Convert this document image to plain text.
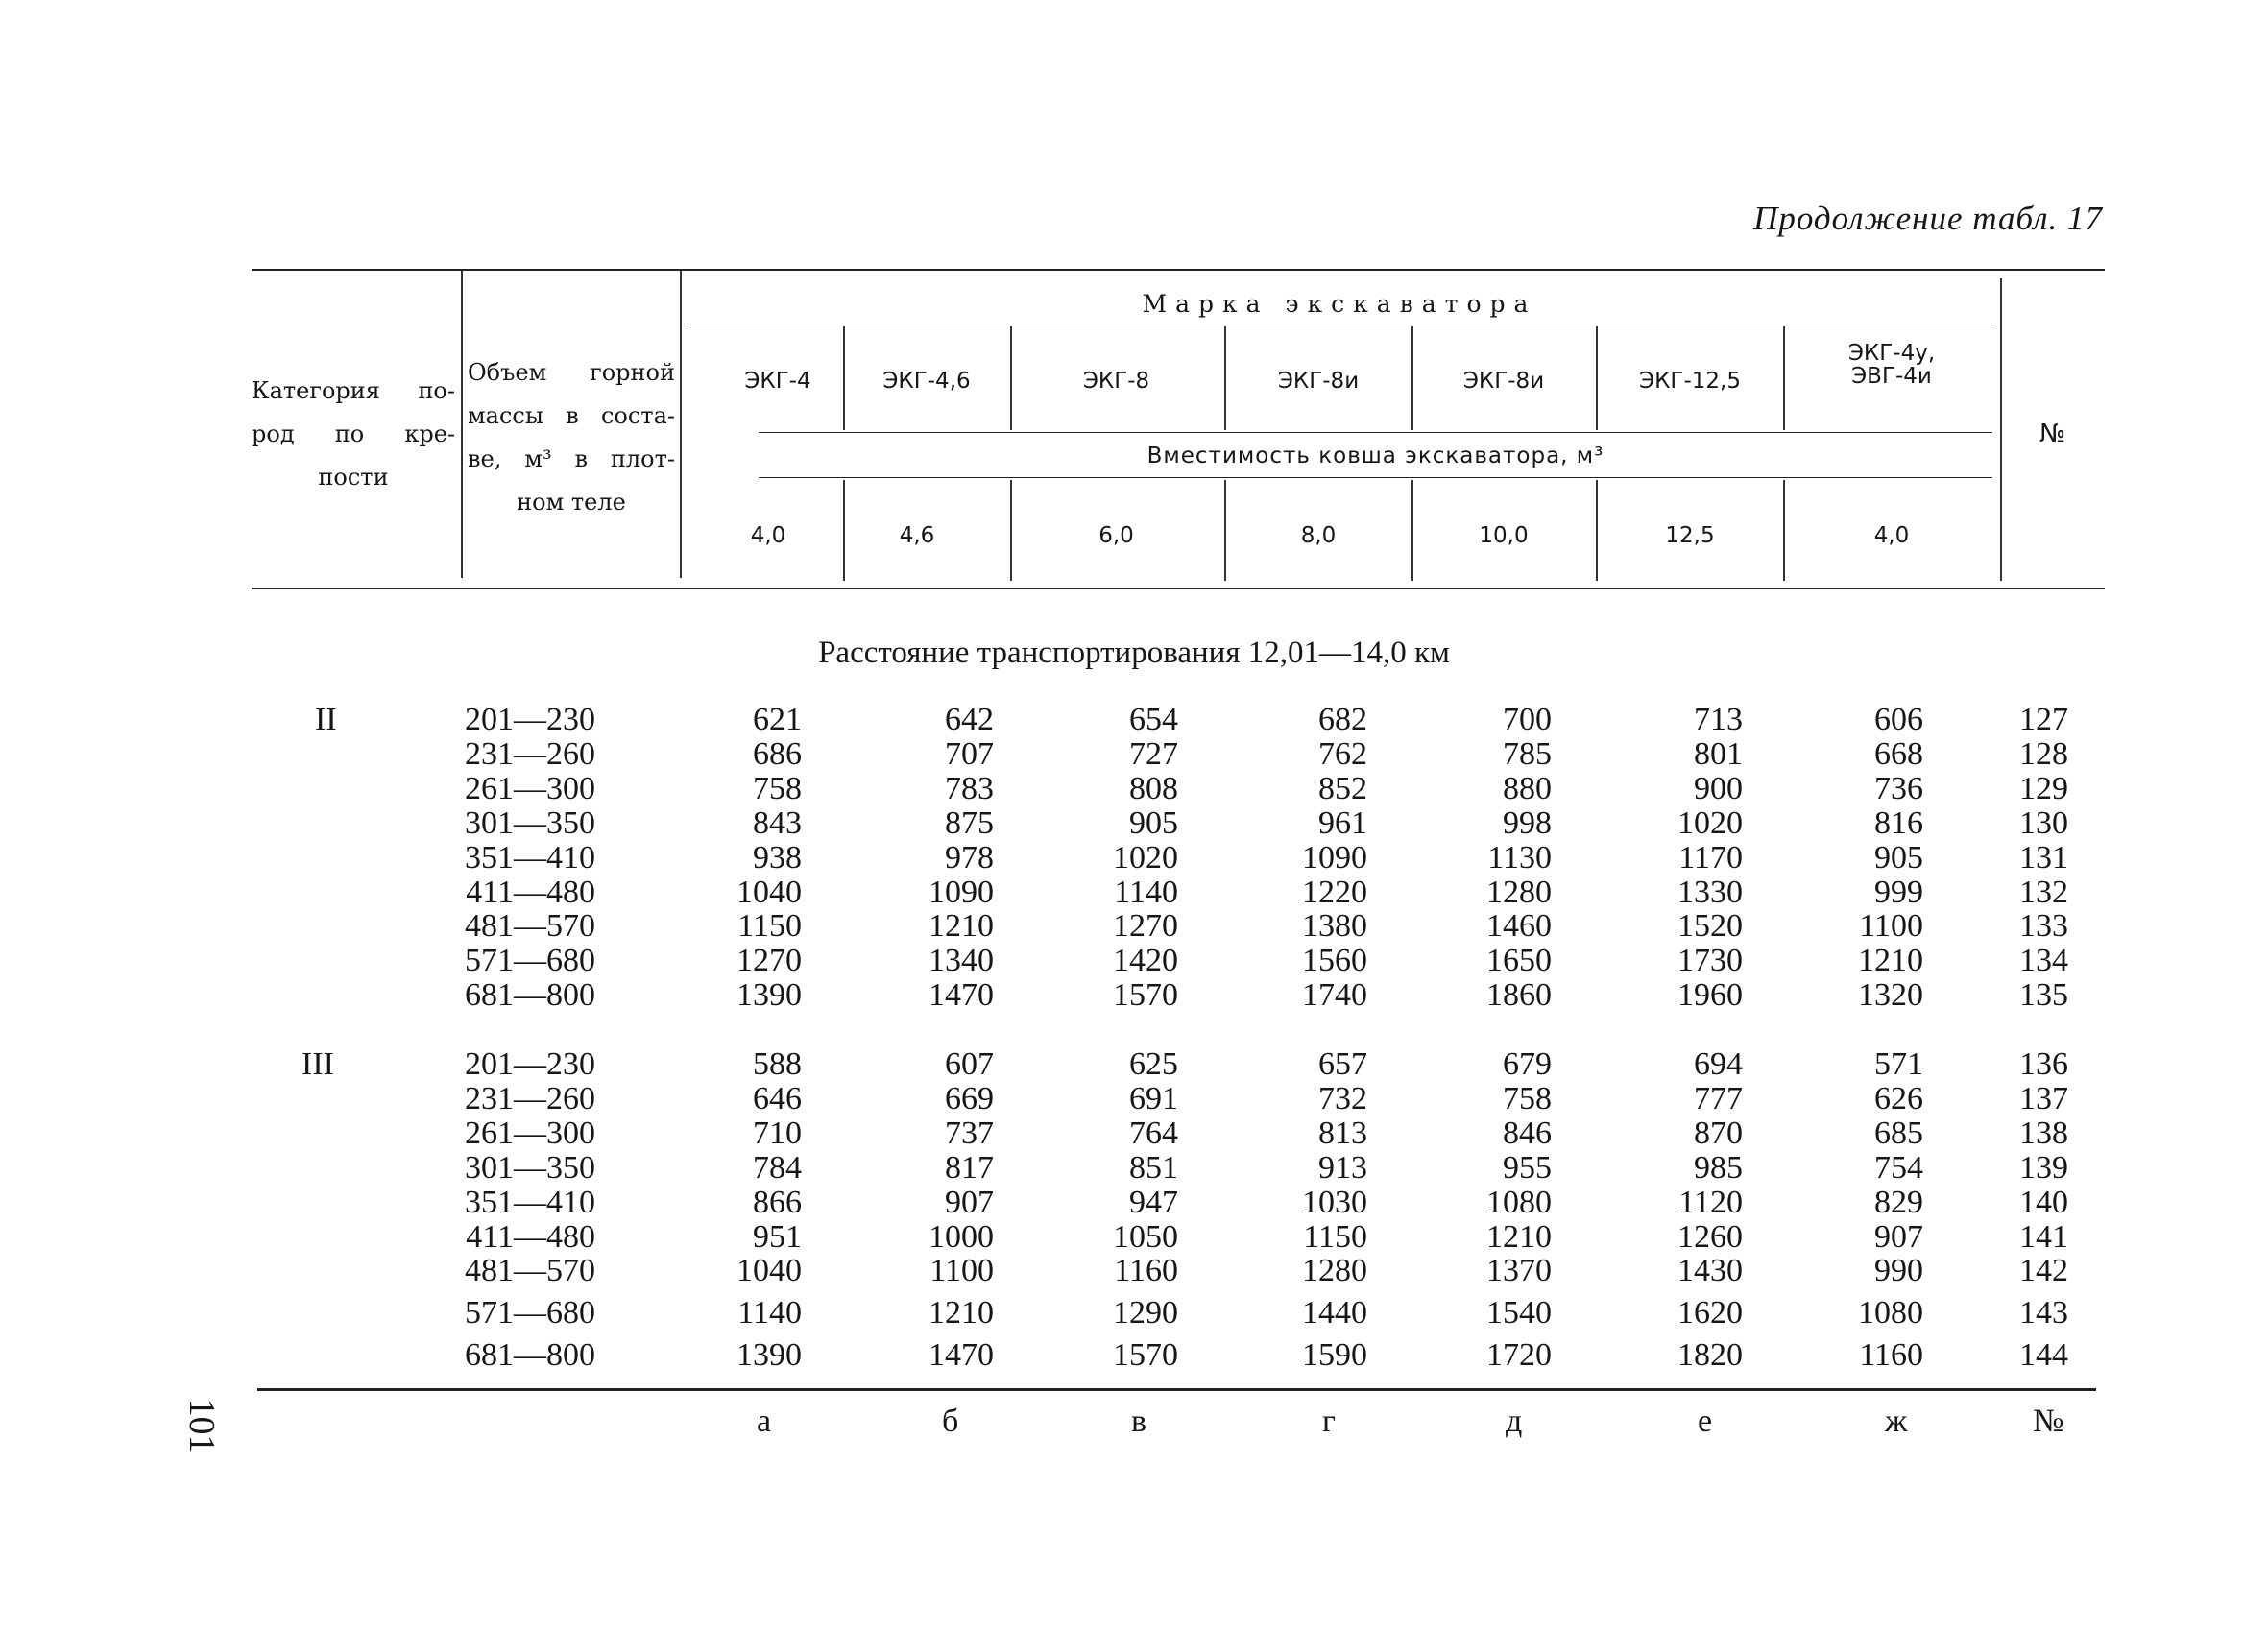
Продолжение табл. 17
101
Категория по-
род по кре-
пости
Объем горной
массы в соста-
ве, м³ в плот-
ном теле
Марка экскаватора
ЭКГ-4	ЭКГ-4,6	ЭКГ-8	ЭКГ-8и	ЭКГ-8и	ЭКГ-12,5
ЭКГ-4у,
ЭВГ-4и
Вместимость ковша экскаватора, м³
4,0	4,6	6,0	8,0	10,0	12,5	4,0
№
Расстояние транспортирования 12,01—14,0 км
II	201—230	621	642	654	682	700	713	606	127
231—260	686	707	727	762	785	801	668	128
261—300	758	783	808	852	880	900	736	129
301—350	843	875	905	961	998	1020	816	130
351—410	938	978	1020	1090	1130	1170	905	131
411—480	1040	1090	1140	1220	1280	1330	999	132
481—570	1150	1210	1270	1380	1460	1520	1100	133
571—680	1270	1340	1420	1560	1650	1730	1210	134
681—800	1390	1470	1570	1740	1860	1960	1320	135
III	201—230	588	607	625	657	679	694	571	136
231—260	646	669	691	732	758	777	626	137
261—300	710	737	764	813	846	870	685	138
301—350	784	817	851	913	955	985	754	139
351—410	866	907	947	1030	1080	1120	829	140
411—480	951	1000	1050	1150	1210	1260	907	141
481—570	1040	1100	1160	1280	1370	1430	990	142
571—680	1140	1210	1290	1440	1540	1620	1080	143
681—800	1390	1470	1570	1590	1720	1820	1160	144
а	б	в	г	д	е	ж	№
